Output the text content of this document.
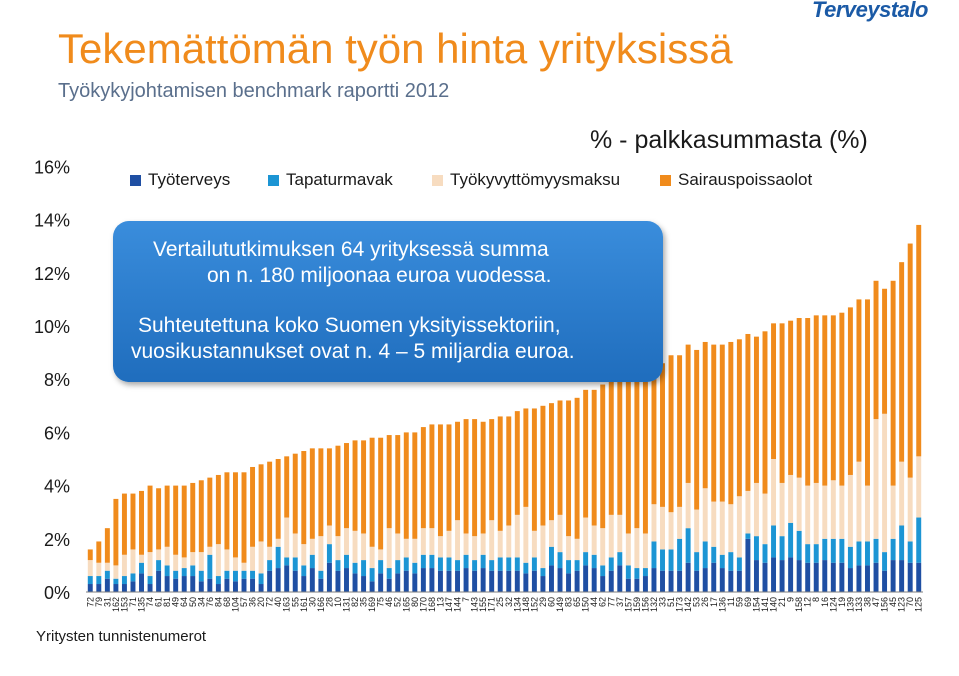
Terveystalo
Tekemättömän työn hinta yrityksissä
Työkykyjohtamisen benchmark raportti 2012
% - palkkasummasta (%)
0%
2%
4%
6%
8%
10%
12%
14%
16%
72
79
31
162
153
71
135
74
61
81
49
64
50
34
76
84
68
104
57
36
20
72
40
163
55
161
30
166
28
10
131
82
35
169
75
46
52
165
80
170
168
13
147
144
7
143
155
171
25
32
134
148
152
29
60
149
83
65
150
44
62
77
37
157
159
156
132
33
51
173
142
53
26
17
136
11
59
69
154
141
140
21
9
158
12
8
16
124
19
139
133
38
47
156
45
123
70
125
Työterveys	Tapaturmavak	Työkyvyttömyysmaksu	Sairauspoissaolot
Vertailututkimuksen 64 yrityksessä summa
on n. 180 miljoonaa euroa vuodessa.
Suhteutettuna koko Suomen yksityissektoriin,
vuosikustannukset ovat n. 4 – 5 miljardia euroa.
Yritysten tunnistenumerot
